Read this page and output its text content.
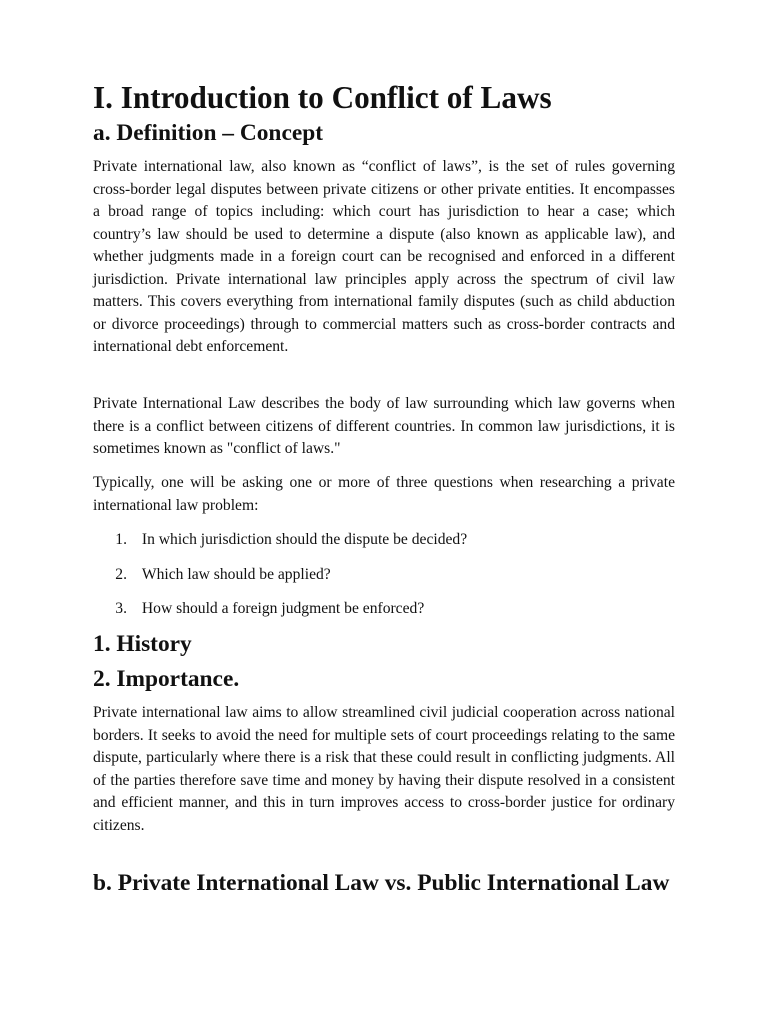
I. Introduction to Conflict of Laws
a. Definition – Concept

Private international law, also known as “conflict of laws”, is the set of rules governing cross-border legal disputes between private citizens or other private entities. It encompasses a broad range of topics including: which court has jurisdiction to hear a case; which country’s law should be used to determine a dispute (also known as applicable law), and whether judgments made in a foreign court can be recognised and enforced in a different jurisdiction. Private international law principles apply across the spectrum of civil law matters. This covers everything from international family disputes (such as child abduction or divorce proceedings) through to commercial matters such as cross-border contracts and international debt enforcement.

Private International Law describes the body of law surrounding which law governs when there is a conflict between citizens of different countries. In common law jurisdictions, it is sometimes known as "conflict of laws."

Typically, one will be asking one or more of three questions when researching a private international law problem:

1. In which jurisdiction should the dispute be decided?
2. Which law should be applied?
3. How should a foreign judgment be enforced?
1. History
2. Importance.

Private international law aims to allow streamlined civil judicial cooperation across national borders. It seeks to avoid the need for multiple sets of court proceedings relating to the same dispute, particularly where there is a risk that these could result in conflicting judgments. All of the parties therefore save time and money by having their dispute resolved in a consistent and efficient manner, and this in turn improves access to cross-border justice for ordinary citizens.

b. Private International Law vs. Public International Law
